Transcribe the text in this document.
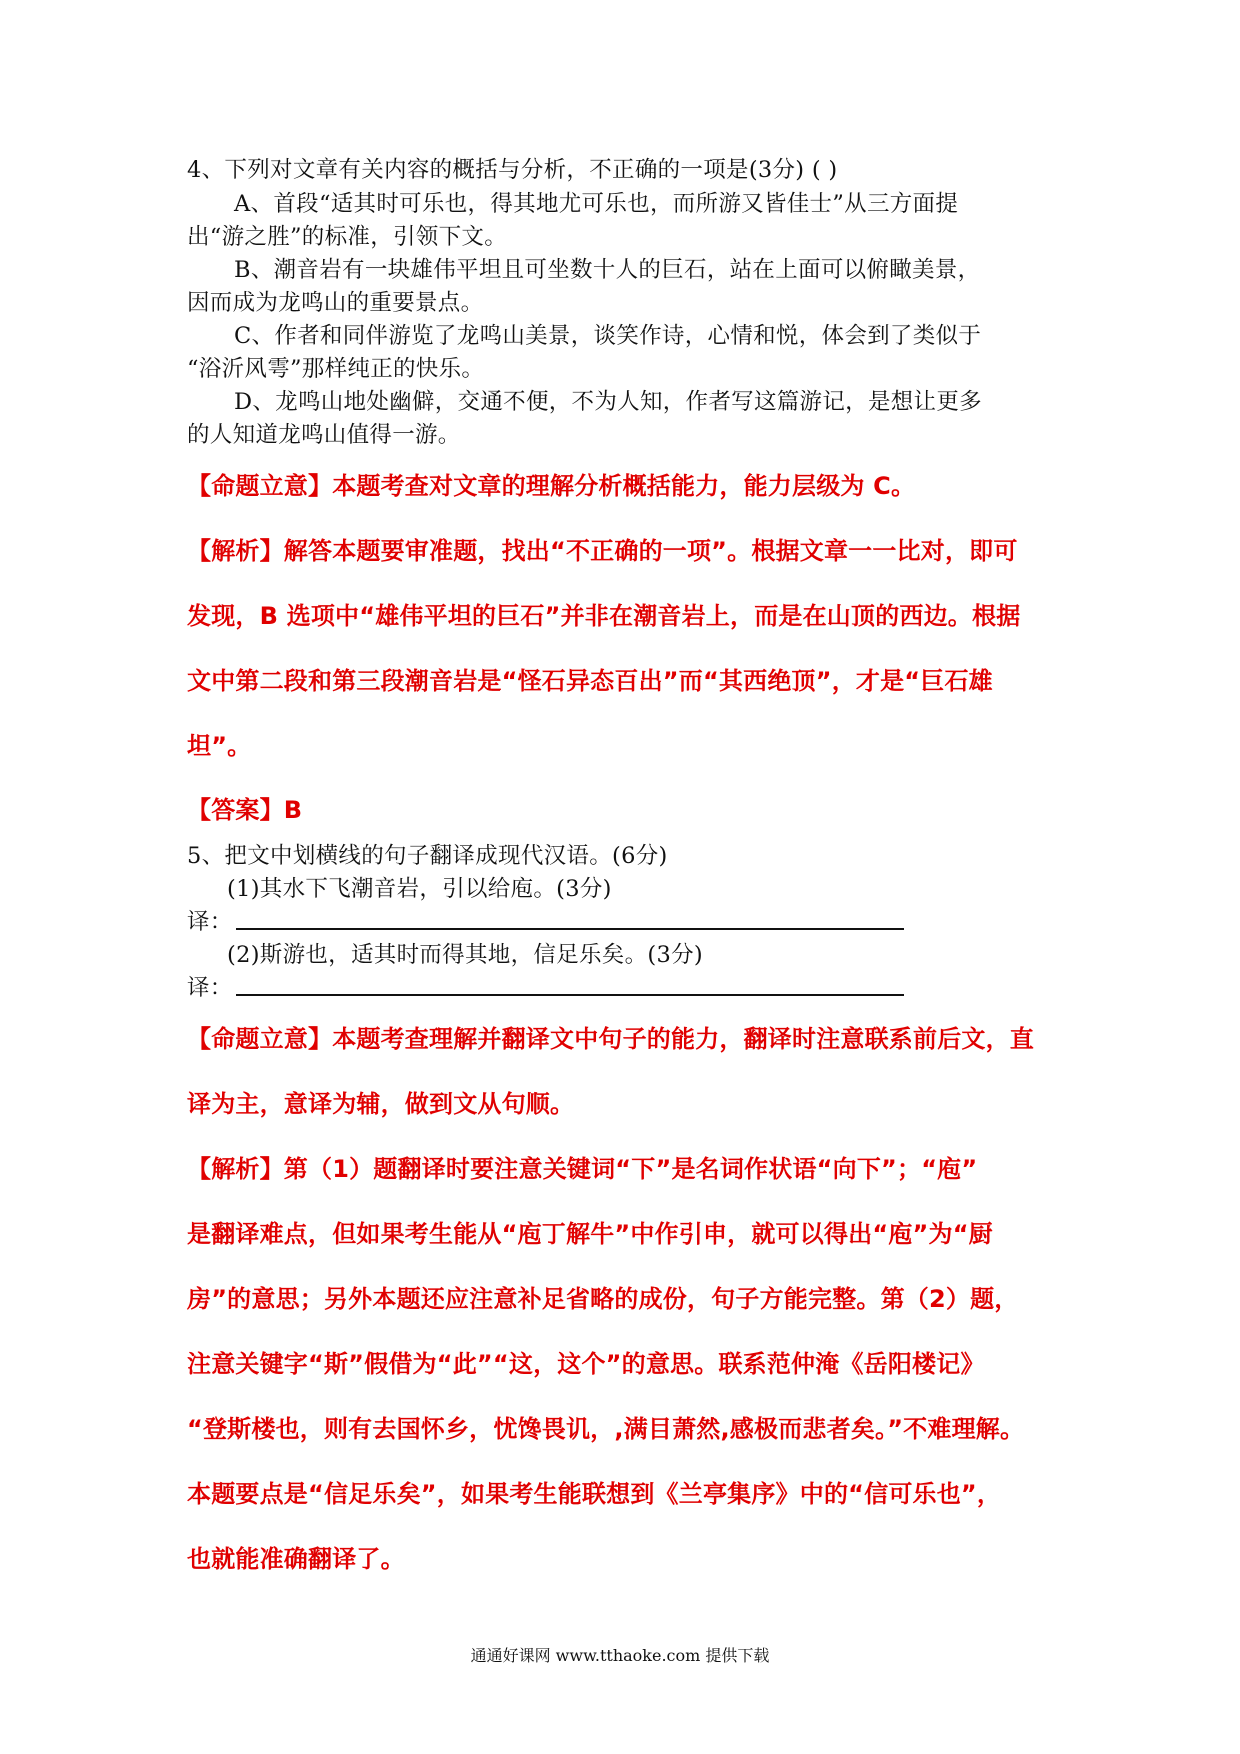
4、下列对文章有关内容的概括与分析，不正确的一项是(3分) ( )
A、首段“适其时可乐也，得其地尤可乐也，而所游又皆佳士”从三方面提
出“游之胜”的标准，引领下文。
B、潮音岩有一块雄伟平坦且可坐数十人的巨石，站在上面可以俯瞰美景，
因而成为龙鸣山的重要景点。
C、作者和同伴游览了龙鸣山美景，谈笑作诗，心情和悦，体会到了类似于
“浴沂风雩”那样纯正的快乐。
D、龙鸣山地处幽僻，交通不便，不为人知，作者写这篇游记，是想让更多
的人知道龙鸣山值得一游。
【命题立意】本题考查对文章的理解分析概括能力，能力层级为 C。
【解析】解答本题要审准题，找出“不正确的一项”。根据文章一一比对，即可
发现，B 选项中“雄伟平坦的巨石”并非在潮音岩上，而是在山顶的西边。根据
文中第二段和第三段潮音岩是“怪石异态百出”而“其西绝顶”，才是“巨石雄
坦”。
【答案】B
5、把文中划横线的句子翻译成现代汉语。(6分)
(1)其水下飞潮音岩，引以给庖。(3分)
译：
(2)斯游也，适其时而得其地，信足乐矣。(3分)
译：
【命题立意】本题考查理解并翻译文中句子的能力，翻译时注意联系前后文，直
译为主，意译为辅，做到文从句顺。
【解析】第（1）题翻译时要注意关键词“下”是名词作状语“向下”；“庖”
是翻译难点，但如果考生能从“庖丁解牛”中作引申，就可以得出“庖”为“厨
房”的意思；另外本题还应注意补足省略的成份，句子方能完整。第（2）题，
注意关键字“斯”假借为“此”“这，这个”的意思。联系范仲淹《岳阳楼记》
“登斯楼也，则有去国怀乡，忧馋畏讥，,满目萧然,感极而悲者矣。”不难理解。
本题要点是“信足乐矣”，如果考生能联想到《兰亭集序》中的“信可乐也”，
也就能准确翻译了。
通通好课网 www.tthaoke.com 提供下载
